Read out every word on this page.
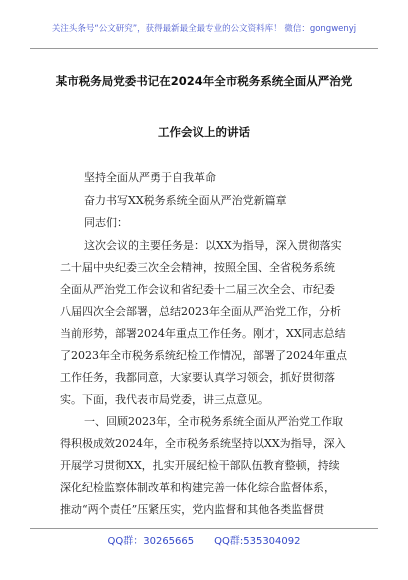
关注头条号“公文研究”，获得最新最全最专业的公文资料库！ 微信：gongwenyj
某市税务局党委书记在2024年全市税务系统全面从严治党
工作会议上的讲话
坚持全面从严勇于自我革命
奋力书写XX税务系统全面从严治党新篇章
同志们：
这次会议的主要任务是：以XX为指导，深入贯彻落实
二十届中央纪委三次全会精神，按照全国、全省税务系统
全面从严治党工作会议和省纪委十二届三次全会、市纪委
八届四次全会部署，总结2023年全面从严治党工作，分析
当前形势，部署2024年重点工作任务。刚才，XX同志总结
了2023年全市税务系统纪检工作情况，部署了2024年重点
工作任务，我都同意，大家要认真学习领会，抓好贯彻落
实。下面，我代表市局党委，讲三点意见。
一、回顾2023年，全市税务系统全面从严治党工作取
得积极成效2024年，全市税务系统坚持以XX为指导，深入
开展学习贯彻XX，扎实开展纪检干部队伍教育整顿，持续
深化纪检监察体制改革和构建完善一体化综合监督体系，
推动“两个责任”压紧压实，党内监督和其他各类监督贯
QQ群：30265665 QQ群:535304092
